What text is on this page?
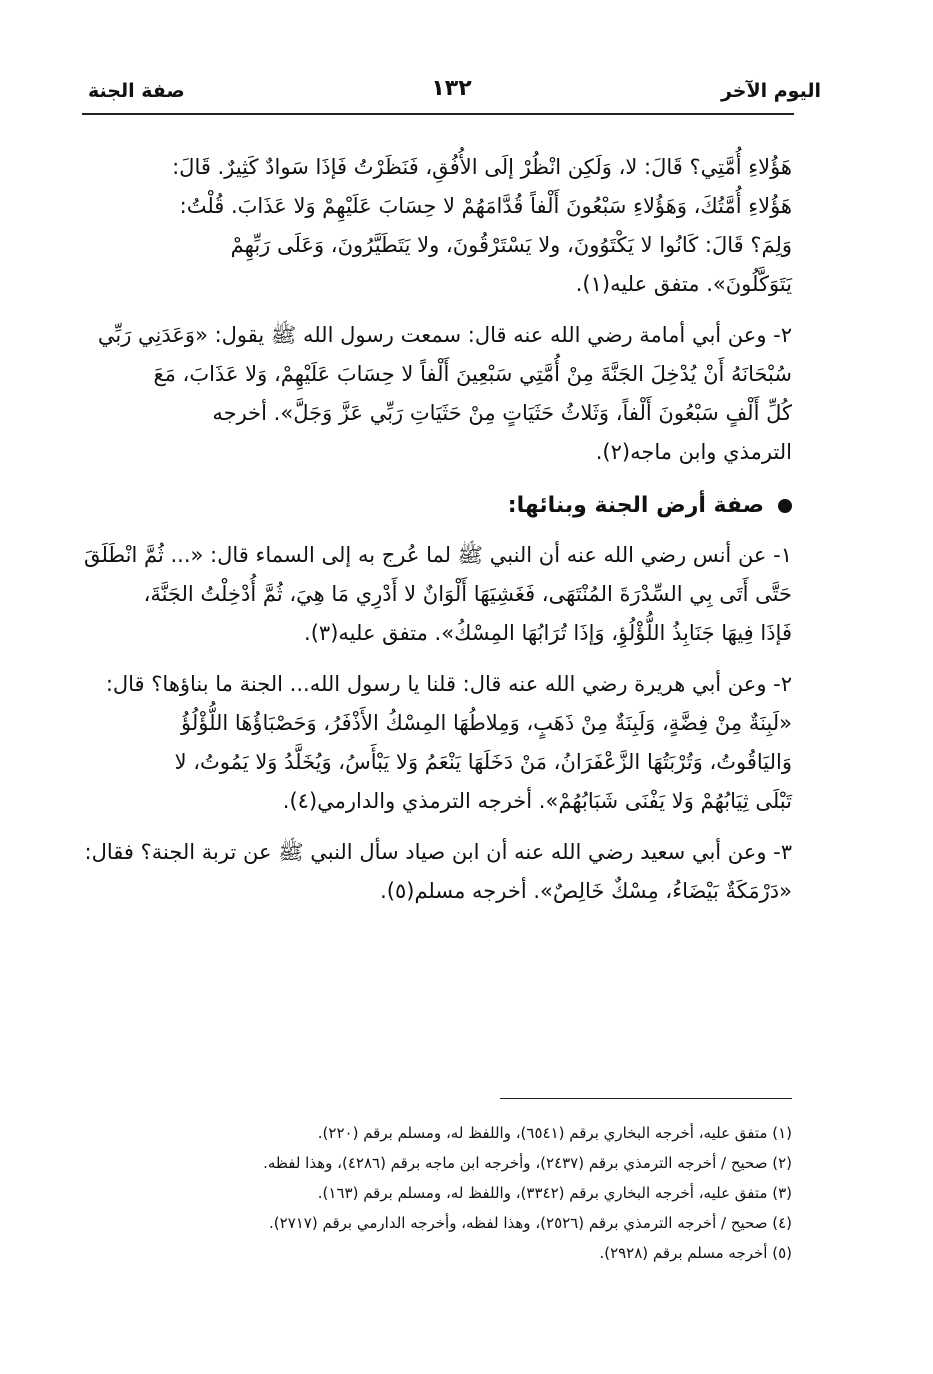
اليوم الآخر
١٣٢
صفة الجنة

هَؤُلاءِ أُمَّتِي؟ قَالَ: لا، وَلَكِن انْظُرْ إلَى الأُفُقِ، فَنَظَرْتُ فَإذَا سَوادٌ كَثِيرٌ. قَالَ:

هَؤُلاءِ أُمَّتُكَ، وَهَؤُلاءِ سَبْعُونَ أَلْفاً قُدَّامَهُمْ لا حِسَابَ عَلَيْهِمْ وَلا عَذَابَ. قُلْتُ:

وَلِمَ؟ قَالَ: كَانُوا لا يَكْتَوُونَ، ولا يَسْتَرْقُونَ، ولا يَتَطَيَّرُونَ، وَعَلَى رَبِّهِمْ

يَتَوَكَّلُونَ». متفق عليه(١).

٢- وعن أبي أمامة رضي الله عنه قال: سمعت رسول الله ﷺ يقول: «وَعَدَنِي رَبِّي

سُبْحَانَهُ أَنْ يُدْخِلَ الجَنَّةَ مِنْ أُمَّتِي سَبْعِينَ أَلْفاً لا حِسَابَ عَلَيْهِمْ، وَلا عَذَابَ، مَعَ

كُلِّ أَلْفٍ سَبْعُونَ أَلْفاً، وَثَلاثُ حَثَيَاتٍ مِنْ حَثَيَاتِ رَبِّي عَزَّ وَجَلَّ». أخرجه

الترمذي وابن ماجه(٢).

صفة أرض الجنة وبنائها:

١- عن أنس رضي الله عنه أن النبي ﷺ لما عُرج به إلى السماء قال: «... ثُمَّ انْطَلَقَ

حَتَّى أَتَى بِي السِّدْرَةَ المُنْتَهَى، فَغَشِيَهَا أَلْوَانٌ لا أَدْرِي مَا هِيَ، ثُمَّ أُدْخِلْتُ الجَنَّةَ،

فَإذَا فِيهَا جَنَابِذُ اللُّؤْلُؤِ، وَإذَا تُرَابُهَا المِسْكُ». متفق عليه(٣).

٢- وعن أبي هريرة رضي الله عنه قال: قلنا يا رسول الله... الجنة ما بناؤها؟ قال:

«لَبِنَةٌ مِنْ فِضَّةٍ، وَلَبِنَةٌ مِنْ ذَهَبٍ، وَمِلاطُهَا المِسْكُ الأَذْفَرُ، وَحَصْبَاؤُهَا اللُّؤْلُؤُ

وَاليَاقُوتُ، وَتُرْبَتُهَا الزَّعْفَرَانُ، مَنْ دَخَلَهَا يَنْعَمُ وَلا يَبْأَسُ، وَيُخَلَّدُ وَلا يَمُوتُ، لا

تَبْلَى ثِيَابُهُمْ وَلا يَفْنَى شَبَابُهُمْ». أخرجه الترمذي والدارمي(٤).

٣- وعن أبي سعيد رضي الله عنه أن ابن صياد سأل النبي ﷺ عن تربة الجنة؟ فقال:

«دَرْمَكَةٌ بَيْضَاءُ، مِسْكٌ خَالِصٌ». أخرجه مسلم(٥).

(١) متفق عليه، أخرجه البخاري برقم (٦٥٤١)، واللفظ له، ومسلم برقم (٢٢٠).

(٢) صحيح / أخرجه الترمذي برقم (٢٤٣٧)، وأخرجه ابن ماجه برقم (٤٢٨٦)، وهذا لفظه.

(٣) متفق عليه، أخرجه البخاري برقم (٣٣٤٢)، واللفظ له، ومسلم برقم (١٦٣).

(٤) صحيح / أخرجه الترمذي برقم (٢٥٢٦)، وهذا لفظه، وأخرجه الدارمي برقم (٢٧١٧).

(٥) أخرجه مسلم برقم (٢٩٢٨).
